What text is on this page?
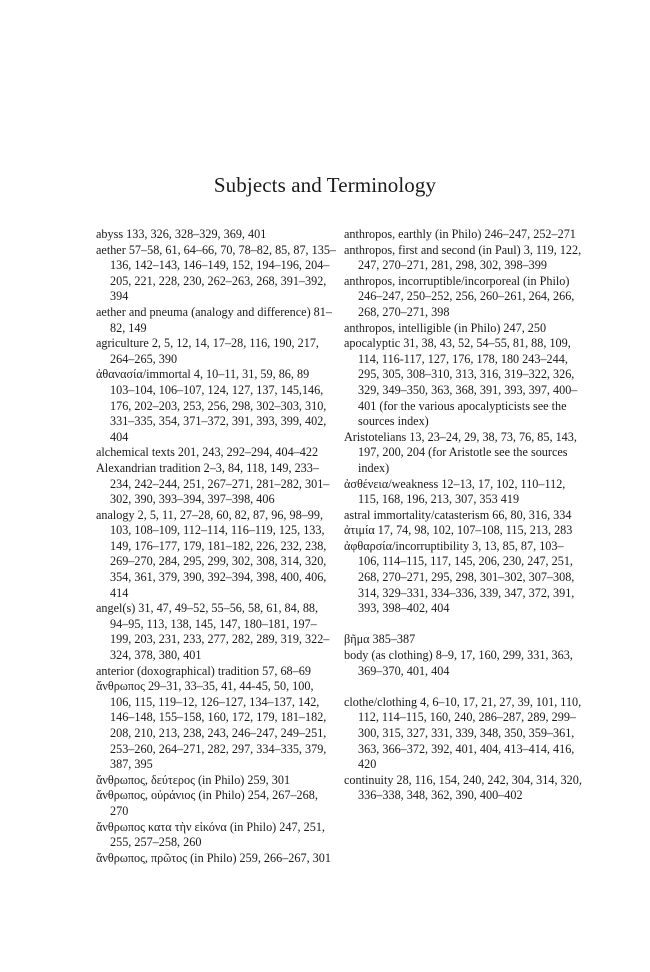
Subjects and Terminology

abyss 133, 326, 328–329, 369, 401

aether 57–58, 61, 64–66, 70, 78–82, 85, 87, 135–136, 142–143, 146–149, 152, 194–196, 204–205, 221, 228, 230, 262–263, 268, 391–392, 394

aether and pneuma (analogy and difference) 81–82, 149

agriculture 2, 5, 12, 14, 17–28, 116, 190, 217, 264–265, 390

ἀθανασία/immortal 4, 10–11, 31, 59, 86, 89 103–104, 106–107, 124, 127, 137, 145,146, 176, 202–203, 253, 256, 298, 302–303, 310, 331–335, 354, 371–372, 391, 393, 399, 402, 404

alchemical texts 201, 243, 292–294, 404–422

Alexandrian tradition 2–3, 84, 118, 149, 233–234, 242–244, 251, 267–271, 281–282, 301–302, 390, 393–394, 397–398, 406

analogy 2, 5, 11, 27–28, 60, 82, 87, 96, 98–99, 103, 108–109, 112–114, 116–119, 125, 133, 149, 176–177, 179, 181–182, 226, 232, 238, 269–270, 284, 295, 299, 302, 308, 314, 320, 354, 361, 379, 390, 392–394, 398, 400, 406, 414

angel(s) 31, 47, 49–52, 55–56, 58, 61, 84, 88, 94–95, 113, 138, 145, 147, 180–181, 197–199, 203, 231, 233, 277, 282, 289, 319, 322–324, 378, 380, 401

anterior (doxographical) tradition 57, 68–69

ἄνθρωπος 29–31, 33–35, 41, 44-45, 50, 100, 106, 115, 119–12, 126–127, 134–137, 142, 146–148, 155–158, 160, 172, 179, 181–182, 208, 210, 213, 238, 243, 246–247, 249–251, 253–260, 264–271, 282, 297, 334–335, 379, 387, 395

ἄνθρωπος, δεύτερος (in Philo) 259, 301

ἄνθρωπος, οὐράνιος (in Philo) 254, 267–268, 270

ἄνθρωπος κατα τὴν εἰκόνα (in Philo) 247, 251, 255, 257–258, 260

ἄνθρωπος, πρῶτος (in Philo) 259, 266–267, 301

anthropos, earthly (in Philo) 246–247, 252–271

anthropos, first and second (in Paul) 3, 119, 122, 247, 270–271, 281, 298, 302, 398–399

anthropos, incorruptible/incorporeal (in Philo) 246–247, 250–252, 256, 260–261, 264, 266, 268, 270–271, 398

anthropos, intelligible (in Philo) 247, 250

apocalyptic 31, 38, 43, 52, 54–55, 81, 88, 109, 114, 116-117, 127, 176, 178, 180 243–244, 295, 305, 308–310, 313, 316, 319–322, 326, 329, 349–350, 363, 368, 391, 393, 397, 400–401 (for the various apocalypticists see the sources index)

Aristotelians 13, 23–24, 29, 38, 73, 76, 85, 143, 197, 200, 204 (for Aristotle see the sources index)

ἀσθένεια/weakness 12–13, 17, 102, 110–112, 115, 168, 196, 213, 307, 353 419

astral immortality/catasterism 66, 80, 316, 334

ἀτιμία 17, 74, 98, 102, 107–108, 115, 213, 283

ἀφθαρσία/incorruptibility 3, 13, 85, 87, 103–106, 114–115, 117, 145, 206, 230, 247, 251, 268, 270–271, 295, 298, 301–302, 307–308, 314, 329–331, 334–336, 339, 347, 372, 391, 393, 398–402, 404

βῆμα 385–387

body (as clothing) 8–9, 17, 160, 299, 331, 363, 369–370, 401, 404

clothe/clothing 4, 6–10, 17, 21, 27, 39, 101, 110, 112, 114–115, 160, 240, 286–287, 289, 299–300, 315, 327, 331, 339, 348, 350, 359–361, 363, 366–372, 392, 401, 404, 413–414, 416, 420

continuity 28, 116, 154, 240, 242, 304, 314, 320, 336–338, 348, 362, 390, 400–402
